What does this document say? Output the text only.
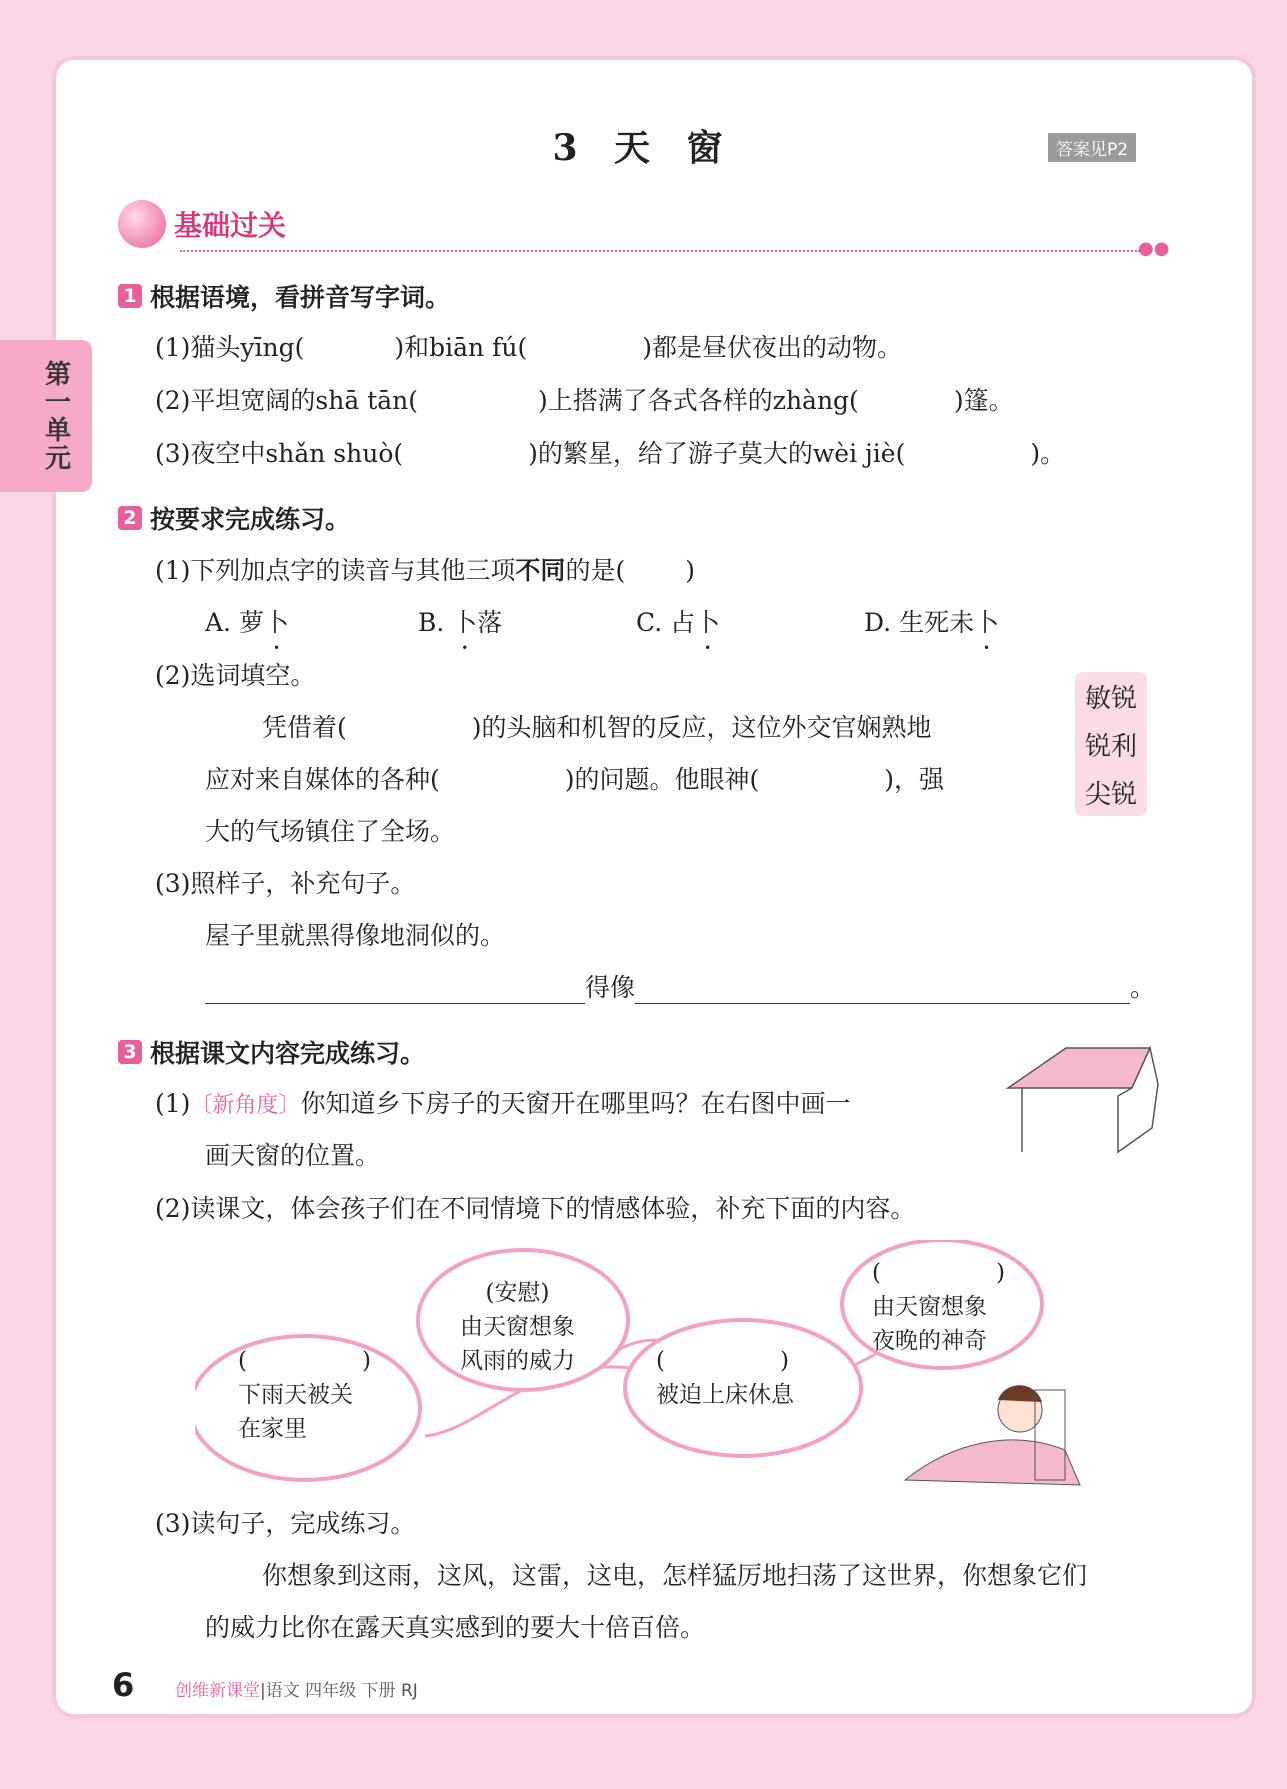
第一单元
3 天 窗	答案见P2
基础过关
●●
1 根据语境，看拼音写字词。
(1)猫头yīng(	)和biān fú(	)都是昼伏夜出的动物。
(2)平坦宽阔的shā tān(	)上搭满了各式各样的zhàng(	)篷。
(3)夜空中shǎn shuò(	)的繁星，给了游子莫大的wèi jiè(	)。
2 按要求完成练习。
(1)下列加点字的读音与其他三项不同的是( )
A. 萝卜	B. 卜落	C. 占卜	D. 生死未卜
(2)选词填空。
凭借着(	)的头脑和机智的反应，这位外交官娴熟地
应对来自媒体的各种(	)的问题。他眼神(	)，强
大的气场镇住了全场。
敏锐
锐利
尖锐
(3)照样子，补充句子。
屋子里就黑得像地洞似的。
得像	。
3 根据课文内容完成练习。
(1)〔新角度〕你知道乡下房子的天窗开在哪里吗？在右图中画一
画天窗的位置。
(2)读课文，体会孩子们在不同情境下的情感体验，补充下面的内容。
(　　　　　)
下雨天被关
在家里
(安慰)
由天窗想象
风雨的威力	(　　　　　)
被迫上床休息
(　　　　　)
由天窗想象
夜晚的神奇
(3)读句子，完成练习。
你想象到这雨，这风，这雷，这电，怎样猛厉地扫荡了这世界，你想象它们
的威力比你在露天真实感到的要大十倍百倍。
6 创维新课堂|语文 四年级 下册 RJ
